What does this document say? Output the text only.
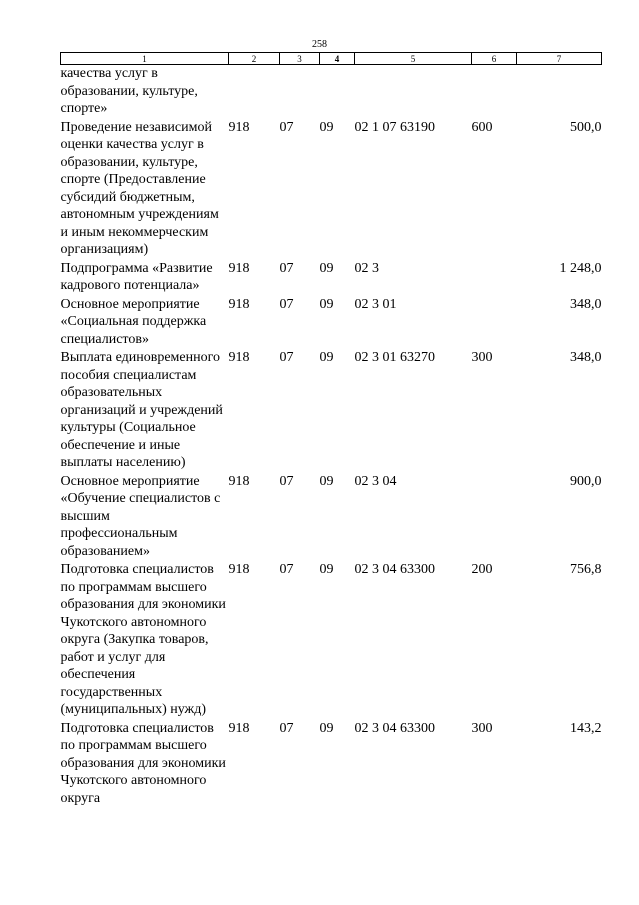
258
1	2	3	4	5	6	7
качества услуг в образовании, культуре, спорте»						
Проведение независимой оценки качества услуг в образовании, культуре, спорте (Предоставление субсидий бюджетным, автономным учреждениям и иным некоммерческим организациям)	918	07	09	02 1 07 63190	600	500,0
Подпрограмма «Развитие кадрового потенциала»	918	07	09	02 3		1 248,0
Основное мероприятие «Социальная поддержка специалистов»	918	07	09	02 3 01		348,0
Выплата единовременного пособия специалистам образовательных организаций и учреждений культуры (Социальное обеспечение и иные выплаты населению)	918	07	09	02 3 01 63270	300	348,0
Основное мероприятие «Обучение специалистов с высшим профессиональным образованием»	918	07	09	02 3 04		900,0
Подготовка специалистов по программам высшего образования для экономики Чукотского автономного округа (Закупка товаров, работ и услуг для обеспечения государственных (муниципальных) нужд)	918	07	09	02 3 04 63300	200	756,8
Подготовка специалистов по программам высшего образования для экономики Чукотского автономного округа	918	07	09	02 3 04 63300	300	143,2
